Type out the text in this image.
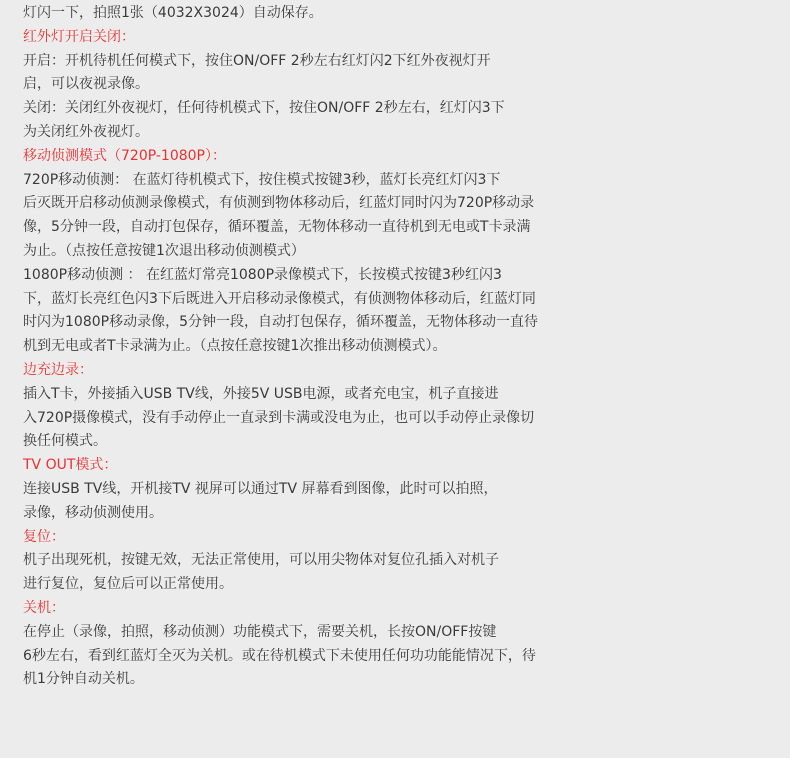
灯闪一下，拍照1张（4032X3024）自动保存。
红外灯开启关闭：
开启：开机待机任何模式下，按住ON/OFF 2秒左右红灯闪2下红外夜视灯开
启，可以夜视录像。
关闭：关闭红外夜视灯，任何待机模式下，按住ON/OFF 2秒左右，红灯闪3下
为关闭红外夜视灯。
移动侦测模式（720P-1080P）：
720P移动侦测： 在蓝灯待机模式下，按住模式按键3秒，蓝灯长亮红灯闪3下
后灭既开启移动侦测录像模式，有侦测到物体移动后，红蓝灯同时闪为720P移动录
像，5分钟一段，自动打包保存，循环覆盖，无物体移动一直待机到无电或T卡录满
为止。（点按任意按键1次退出移动侦测模式）
1080P移动侦测 ： 在红蓝灯常亮1080P录像模式下，长按模式按键3秒红闪3
下，蓝灯长亮红色闪3下后既进入开启移动录像模式，有侦测物体移动后，红蓝灯同
时闪为1080P移动录像，5分钟一段，自动打包保存，循环覆盖，无物体移动一直待
机到无电或者T卡录满为止。（点按任意按键1次推出移动侦测模式）。
边充边录：
插入T卡，外接插入USB TV线，外接5V USB电源，或者充电宝，机子直接进
入720P摄像模式，没有手动停止一直录到卡满或没电为止，也可以手动停止录像切
换任何模式。
TV OUT模式：
连接USB TV线，开机接TV 视屏可以通过TV 屏幕看到图像，此时可以拍照，
录像，移动侦测使用。
复位：
机子出现死机，按键无效，无法正常使用，可以用尖物体对复位孔插入对机子
进行复位，复位后可以正常使用。
关机：
在停止（录像，拍照，移动侦测）功能模式下，需要关机，长按ON/OFF按键
6秒左右，看到红蓝灯全灭为关机。或在待机模式下未使用任何功功能能情况下，待
机1分钟自动关机。
